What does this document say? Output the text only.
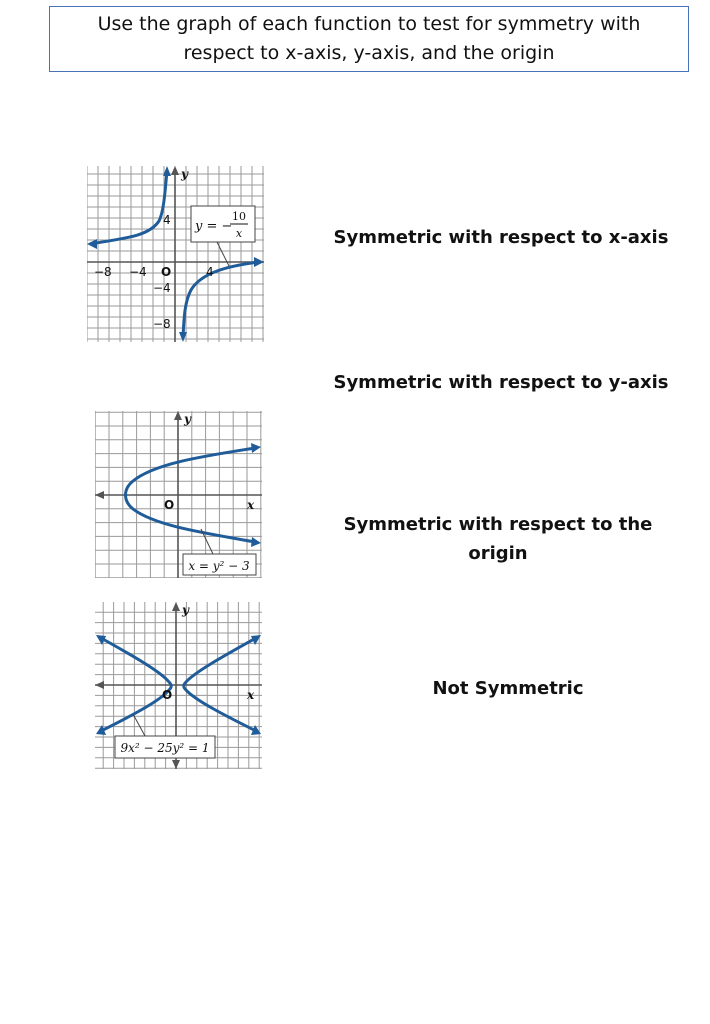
Use the graph of each function to test for symmetry with
respect to x-axis, y-axis, and the origin
y = −
10
x
y
−8 −4	4
O
4
−4
−8
y
x
O
x = y² − 3
y
x
O
9x² − 25y² = 1
Symmetric with respect to x-axis
Symmetric with respect to y-axis
Symmetric with respect to the
origin
Not Symmetric
